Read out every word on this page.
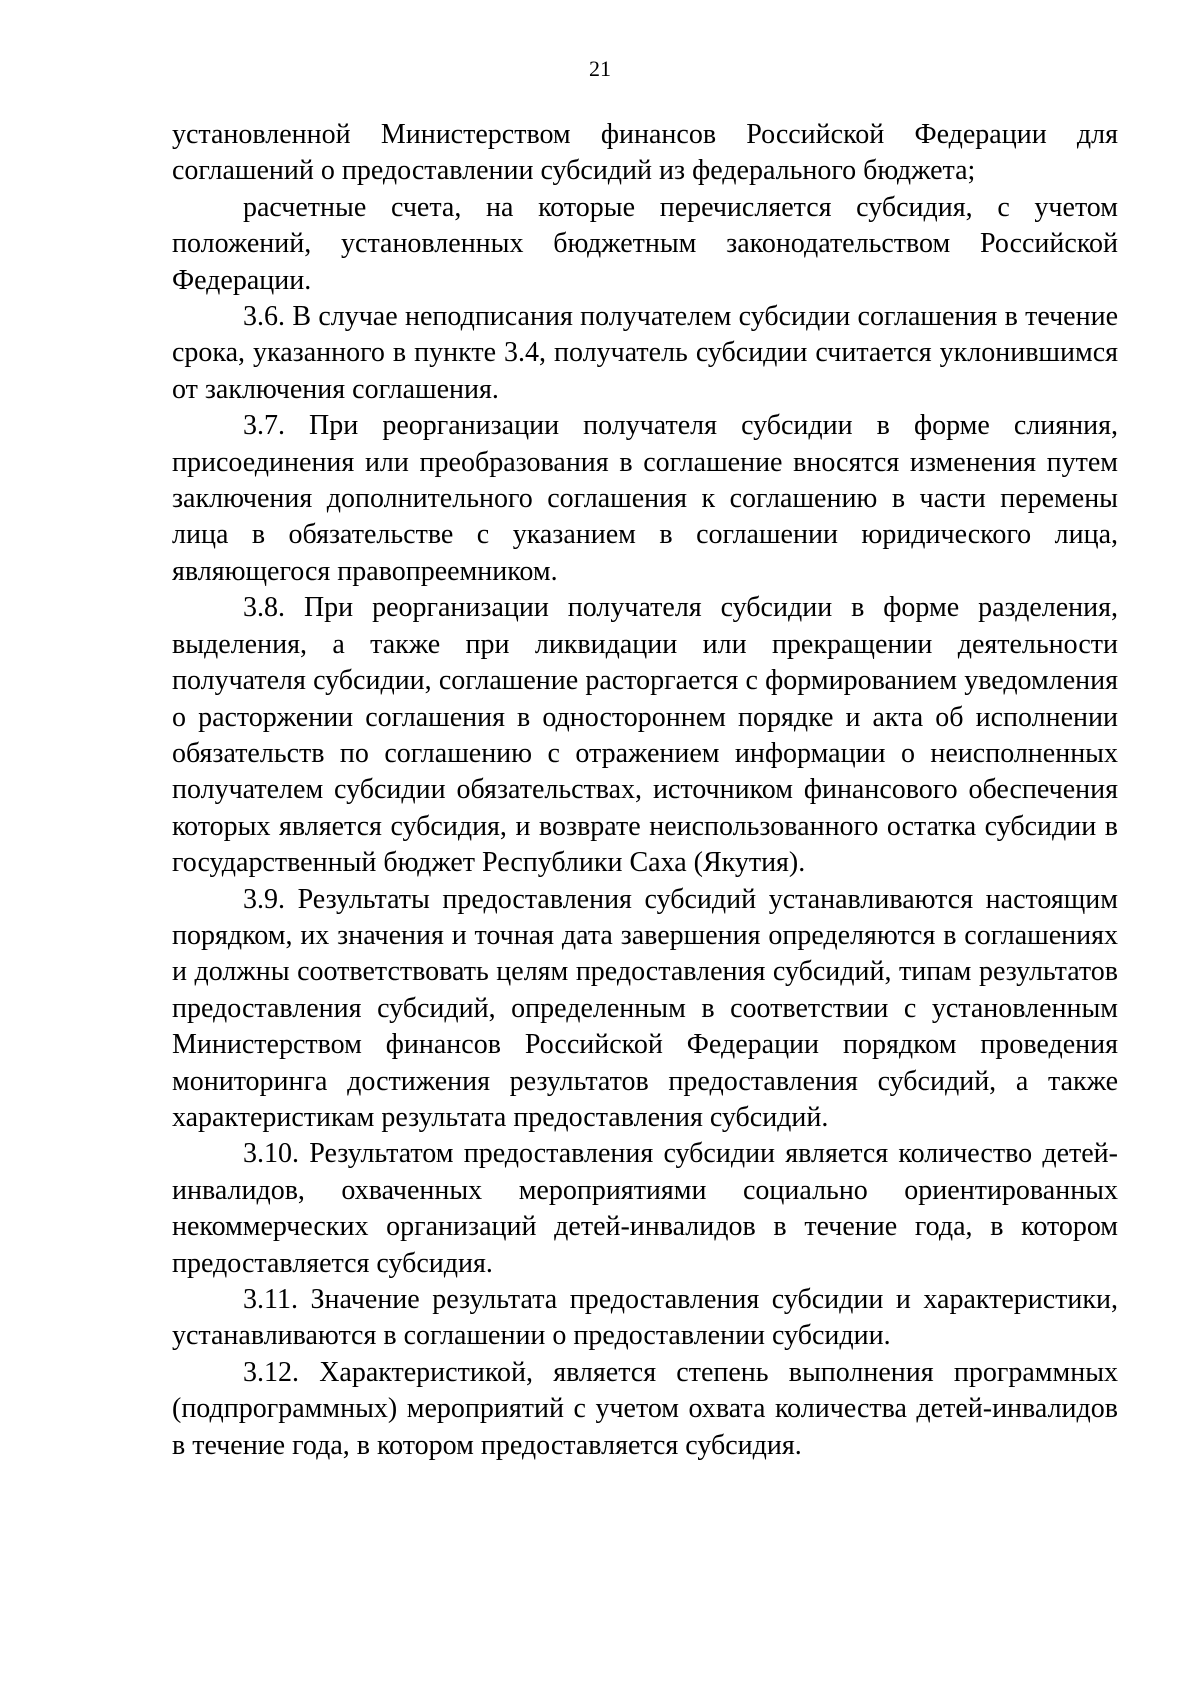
21

установленной Министерством финансов Российской Федерации для соглашений о предоставлении субсидий из федерального бюджета;

расчетные счета, на которые перечисляется субсидия, с учетом положений, установленных бюджетным законодательством Российской Федерации.

3.6. В случае неподписания получателем субсидии соглашения в течение срока, указанного в пункте 3.4, получатель субсидии считается уклонившимся от заключения соглашения.

3.7. При реорганизации получателя субсидии в форме слияния, присоединения или преобразования в соглашение вносятся изменения путем заключения дополнительного соглашения к соглашению в части перемены лица в обязательстве с указанием в соглашении юридического лица, являющегося правопреемником.

3.8. При реорганизации получателя субсидии в форме разделения, выделения, а также при ликвидации или прекращении деятельности получателя субсидии, соглашение расторгается с формированием уведомления о расторжении соглашения в одностороннем порядке и акта об исполнении обязательств по соглашению с отражением информации о неисполненных получателем субсидии обязательствах, источником финансового обеспечения которых является субсидия, и возврате неиспользованного остатка субсидии в государственный бюджет Республики Саха (Якутия).

3.9. Результаты предоставления субсидий устанавливаются настоящим порядком, их значения и точная дата завершения определяются в соглашениях и должны соответствовать целям предоставления субсидий, типам результатов предоставления субсидий, определенным в соответствии с установленным Министерством финансов Российской Федерации порядком проведения мониторинга достижения результатов предоставления субсидий, а также характеристикам результата предоставления субсидий.

3.10. Результатом предоставления субсидии является количество детей-инвалидов, охваченных мероприятиями социально ориентированных некоммерческих организаций детей-инвалидов в течение года, в котором предоставляется субсидия.

3.11. Значение результата предоставления субсидии и характеристики, устанавливаются в соглашении о предоставлении субсидии.

3.12. Характеристикой, является степень выполнения программных (подпрограммных) мероприятий с учетом охвата количества детей-инвалидов в течение года, в котором предоставляется субсидия.
